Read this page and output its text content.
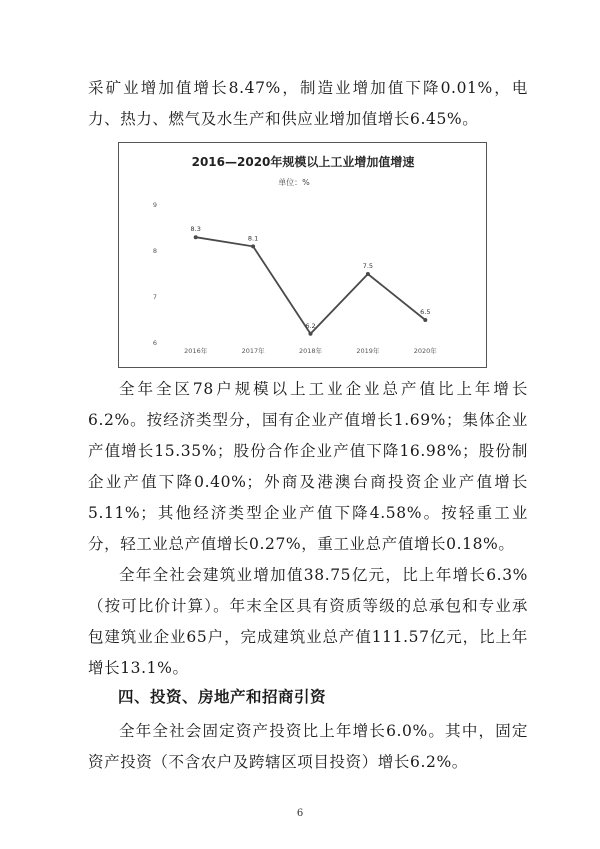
采矿业增加值增长8.47%，制造业增加值下降0.01%，电力、热力、燃气及水生产和供应业增加值增长6.45%。

2016—2020年规模以上工业增加值增速
单位：%
9
8
7
6
2016年	2017年	2018年	2019年	2020年
8.3
8.1
6.2
7.5
6.5

全年全区78户规模以上工业企业总产值比上年增长6.2%。按经济类型分，国有企业产值增长1.69%；集体企业产值增长15.35%；股份合作企业产值下降16.98%；股份制企业产值下降0.40%；外商及港澳台商投资企业产值增长5.11%；其他经济类型企业产值下降4.58%。按轻重工业分，轻工业总产值增长0.27%，重工业总产值增长0.18%。

全年全社会建筑业增加值38.75亿元，比上年增长6.3%（按可比价计算）。年末全区具有资质等级的总承包和专业承包建筑业企业65户，完成建筑业总产值111.57亿元，比上年增长13.1%。

四、投资、房地产和招商引资

全年全社会固定资产投资比上年增长6.0%。其中，固定资产投资（不含农户及跨辖区项目投资）增长6.2%。

6
